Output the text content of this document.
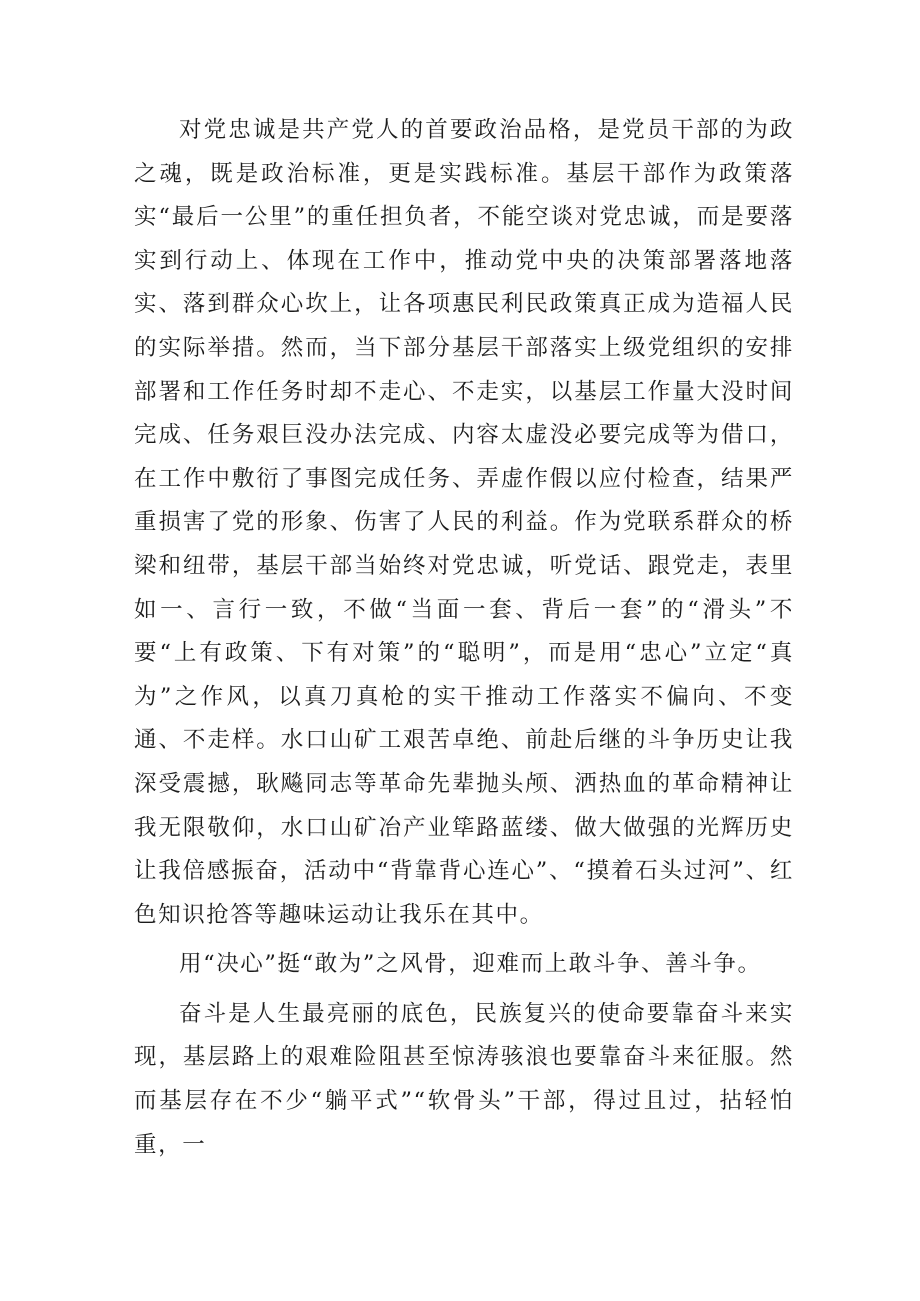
对党忠诚是共产党人的首要政治品格，是党员干部的为政之魂，既是政治标准，更是实践标准。基层干部作为政策落实“最后一公里”的重任担负者，不能空谈对党忠诚，而是要落实到行动上、体现在工作中，推动党中央的决策部署落地落实、落到群众心坎上，让各项惠民利民政策真正成为造福人民的实际举措。然而，当下部分基层干部落实上级党组织的安排部署和工作任务时却不走心、不走实，以基层工作量大没时间完成、任务艰巨没办法完成、内容太虚没必要完成等为借口，在工作中敷衍了事图完成任务、弄虚作假以应付检查，结果严重损害了党的形象、伤害了人民的利益。作为党联系群众的桥梁和纽带，基层干部当始终对党忠诚，听党话、跟党走，表里如一、言行一致，不做“当面一套、背后一套”的“滑头”不要“上有政策、下有对策”的“聪明”，而是用“忠心”立定“真为”之作风，以真刀真枪的实干推动工作落实不偏向、不变通、不走样。水口山矿工艰苦卓绝、前赴后继的斗争历史让我深受震撼，耿飚同志等革命先辈抛头颅、洒热血的革命精神让我无限敬仰，水口山矿冶产业筚路蓝缕、做大做强的光辉历史让我倍感振奋，活动中“背靠背心连心”、“摸着石头过河”、红色知识抢答等趣味运动让我乐在其中。

用“决心”挺“敢为”之风骨，迎难而上敢斗争、善斗争。

奋斗是人生最亮丽的底色，民族复兴的使命要靠奋斗来实现，基层路上的艰难险阻甚至惊涛骇浪也要靠奋斗来征服。然而基层存在不少“躺平式”“软骨头”干部，得过且过，拈轻怕重，一
